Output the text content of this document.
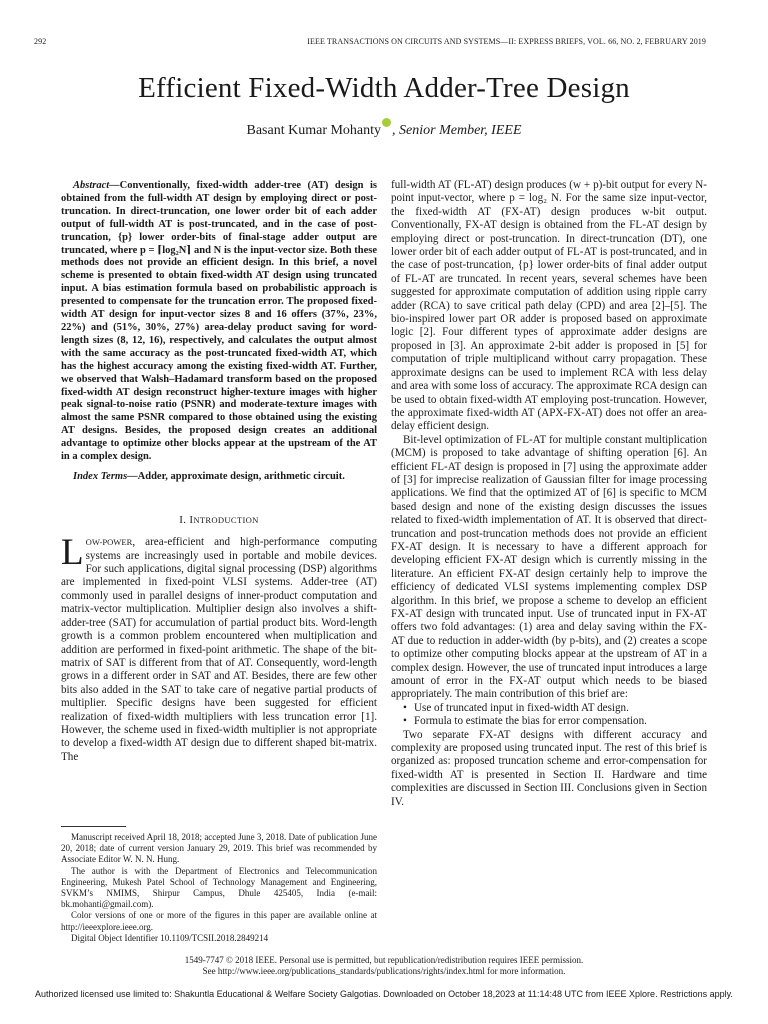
292	IEEE TRANSACTIONS ON CIRCUITS AND SYSTEMS—II: EXPRESS BRIEFS, VOL. 66, NO. 2, FEBRUARY 2019
Efficient Fixed-Width Adder-Tree Design
Basant Kumar Mohanty , Senior Member, IEEE

Abstract—Conventionally, fixed-width adder-tree (AT) design is obtained from the full-width AT design by employing direct or post-truncation. In direct-truncation, one lower order bit of each adder output of full-width AT is post-truncated, and in the case of post-truncation, {p} lower order-bits of final-stage adder output are truncated, where p = ⌈log₂N⌉ and N is the input-vector size. Both these methods does not provide an efficient design. In this brief, a novel scheme is presented to obtain fixed-width AT design using truncated input. A bias estimation formula based on probabilistic approach is presented to compensate for the truncation error. The proposed fixed-width AT design for input-vector sizes 8 and 16 offers (37%, 23%, 22%) and (51%, 30%, 27%) area-delay product saving for word-length sizes (8, 12, 16), respectively, and calculates the output almost with the same accuracy as the post-truncated fixed-width AT, which has the highest accuracy among the existing fixed-width AT. Further, we observed that Walsh–Hadamard transform based on the proposed fixed-width AT design reconstruct higher-texture images with higher peak signal-to-noise ratio (PSNR) and moderate-texture images with almost the same PSNR compared to those obtained using the existing AT designs. Besides, the proposed design creates an additional advantage to optimize other blocks appear at the upstream of the AT in a complex design.

Index Terms—Adder, approximate design, arithmetic circuit.

I. INTRODUCTION

LOW-POWER, area-efficient and high-performance computing systems are increasingly used in portable and mobile devices. For such applications, digital signal processing (DSP) algorithms are implemented in fixed-point VLSI systems. Adder-tree (AT) commonly used in parallel designs of inner-product computation and matrix-vector multiplication. Multiplier design also involves a shift-adder-tree (SAT) for accumulation of partial product bits. Word-length growth is a common problem encountered when multiplication and addition are performed in fixed-point arithmetic. The shape of the bit-matrix of SAT is different from that of AT. Consequently, word-length grows in a different order in SAT and AT. Besides, there are few other bits also added in the SAT to take care of negative partial products of multiplier. Specific designs have been suggested for efficient realization of fixed-width multipliers with less truncation error [1]. However, the scheme used in fixed-width multiplier is not appropriate to develop a fixed-width AT design due to different shaped bit-matrix. The

Manuscript received April 18, 2018; accepted June 3, 2018. Date of publication June 20, 2018; date of current version January 29, 2019. This brief was recommended by Associate Editor W. N. N. Hung.

The author is with the Department of Electronics and Telecommunication Engineering, Mukesh Patel School of Technology Management and Engineering, SVKM’s NMIMS, Shirpur Campus, Dhule 425405, India (e-mail: bk.mohanti@gmail.com).

Color versions of one or more of the figures in this paper are available online at http://ieeexplore.ieee.org.

Digital Object Identifier 10.1109/TCSII.2018.2849214

full-width AT (FL-AT) design produces (w + p)-bit output for every N-point input-vector, where p = log₂ N. For the same size input-vector, the fixed-width AT (FX-AT) design produces w-bit output. Conventionally, FX-AT design is obtained from the FL-AT design by employing direct or post-truncation. In direct-truncation (DT), one lower order bit of each adder output of FL-AT is post-truncated, and in the case of post-truncation, {p} lower order-bits of final adder output of FL-AT are truncated. In recent years, several schemes have been suggested for approximate computation of addition using ripple carry adder (RCA) to save critical path delay (CPD) and area [2]–[5]. The bio-inspired lower part OR adder is proposed based on approximate logic [2]. Four different types of approximate adder designs are proposed in [3]. An approximate 2-bit adder is proposed in [5] for computation of triple multiplicand without carry propagation. These approximate designs can be used to implement RCA with less delay and area with some loss of accuracy. The approximate RCA design can be used to obtain fixed-width AT employing post-truncation. However, the approximate fixed-width AT (APX-FX-AT) does not offer an area-delay efficient design.

Bit-level optimization of FL-AT for multiple constant multiplication (MCM) is proposed to take advantage of shifting operation [6]. An efficient FL-AT design is proposed in [7] using the approximate adder of [3] for imprecise realization of Gaussian filter for image processing applications. We find that the optimized AT of [6] is specific to MCM based design and none of the existing design discusses the issues related to fixed-width implementation of AT. It is observed that direct-truncation and post-truncation methods does not provide an efficient FX-AT design. It is necessary to have a different approach for developing efficient FX-AT design which is currently missing in the literature. An efficient FX-AT design certainly help to improve the efficiency of dedicated VLSI systems implementing complex DSP algorithm. In this brief, we propose a scheme to develop an efficient FX-AT design with truncated input. Use of truncated input in FX-AT offers two fold advantages: (1) area and delay saving within the FX-AT due to reduction in adder-width (by p-bits), and (2) creates a scope to optimize other computing blocks appear at the upstream of AT in a complex design. However, the use of truncated input introduces a large amount of error in the FX-AT output which needs to be biased appropriately. The main contribution of this brief are:

• Use of truncated input in fixed-width AT design.
• Formula to estimate the bias for error compensation.

Two separate FX-AT designs with different accuracy and complexity are proposed using truncated input. The rest of this brief is organized as: proposed truncation scheme and error-compensation for fixed-width AT is presented in Section II. Hardware and time complexities are discussed in Section III. Conclusions given in Section IV.

1549-7747 © 2018 IEEE. Personal use is permitted, but republication/redistribution requires IEEE permission.
See http://www.ieee.org/publications_standards/publications/rights/index.html for more information.
Authorized licensed use limited to: Shakuntla Educational & Welfare Society Galgotias. Downloaded on October 18,2023 at 11:14:48 UTC from IEEE Xplore. Restrictions apply.
